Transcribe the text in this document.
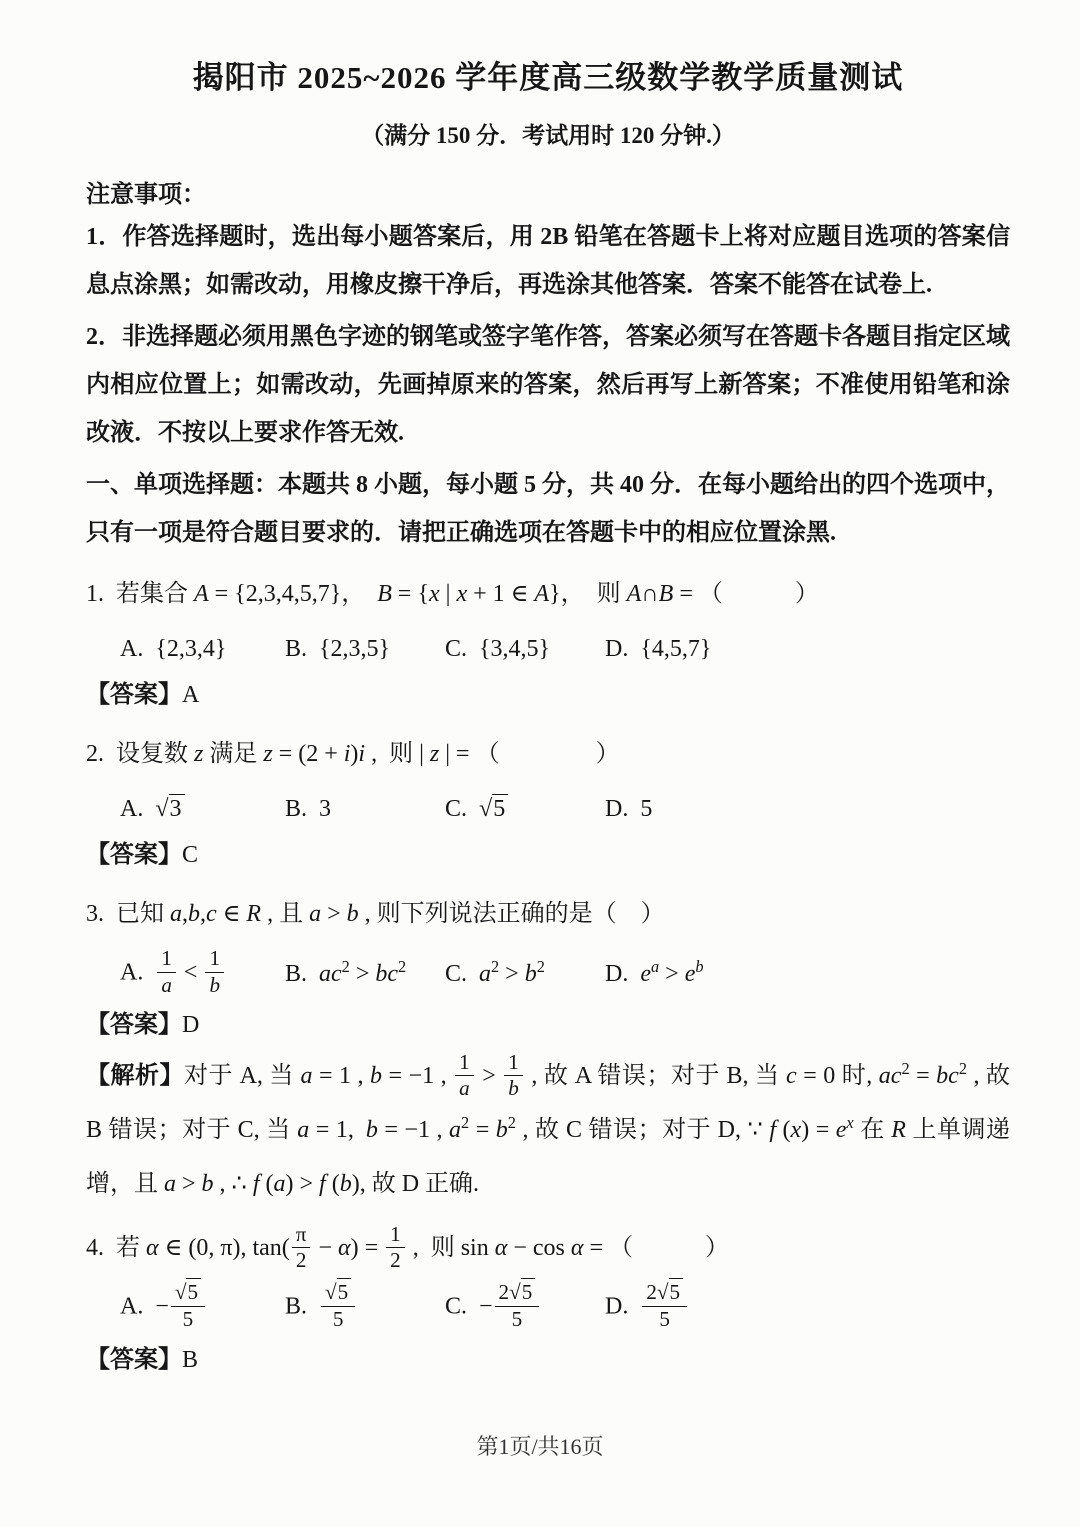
揭阳市 2025~2026 学年度高三级数学教学质量测试
（满分 150 分．考试用时 120 分钟.）
注意事项：

1．作答选择题时，选出每小题答案后，用 2B 铅笔在答题卡上将对应题目选项的答案信息点涂黑；如需改动，用橡皮擦干净后，再选涂其他答案．答案不能答在试卷上.

2．非选择题必须用黑色字迹的钢笔或签字笔作答，答案必须写在答题卡各题目指定区域内相应位置上；如需改动，先画掉原来的答案，然后再写上新答案；不准使用铅笔和涂改液．不按以上要求作答无效.

一、单项选择题：本题共 8 小题，每小题 5 分，共 40 分．在每小题给出的四个选项中，只有一项是符合题目要求的．请把正确选项在答题卡中的相应位置涂黑.

1. 若集合 A = {2,3,4,5,7}， B = {x | x + 1 ∈ A}， 则 A∩B = （   ）

A. {2,3,4}	B. {2,3,5}	C. {3,4,5}	D. {4,5,7}

【答案】A

2. 设复数 z 满足 z = (2 + i)i , 则 | z | = （    ）

A. √3	B. 3	C. √5	D. 5

【答案】C

3. 已知 a,b,c ∈ R , 且 a > b , 则下列说法正确的是（  ）

A.  $\frac{1}{a} < \frac{1}{b}$	B. $ac^2 > bc^2$	C. $a^2 > b^2$	D. $e^a > e^b$

【答案】D

【解析】对于 A, 当 a = 1 , b = −1 , $\frac{1}{a} > \frac{1}{b}$ , 故 A 错误；对于 B, 当 c = 0 时, $ac^2 = bc^2$ , 故 B 错误；对于 C, 当 a = 1, b = −1 , $a^2 = b^2$ , 故 C 错误；对于 D, ∵ f $(x) = e^x$ 在 R 上单调递增，且 a > b , ∴ f (a) > f (b), 故 D 正确.

4. 若 α ∈ (0, π), $\tan( \frac{\pi}{2} - \alpha) = \frac{1}{2}$ , 则 sin α − cos α = （   ）

A. − $\frac{√5}{5}$	B.  $\frac{√5}{5}$	C. − $\frac{2√5}{5}$	D.  $\frac{2√5}{5}$

【答案】B

第1页/共16页
